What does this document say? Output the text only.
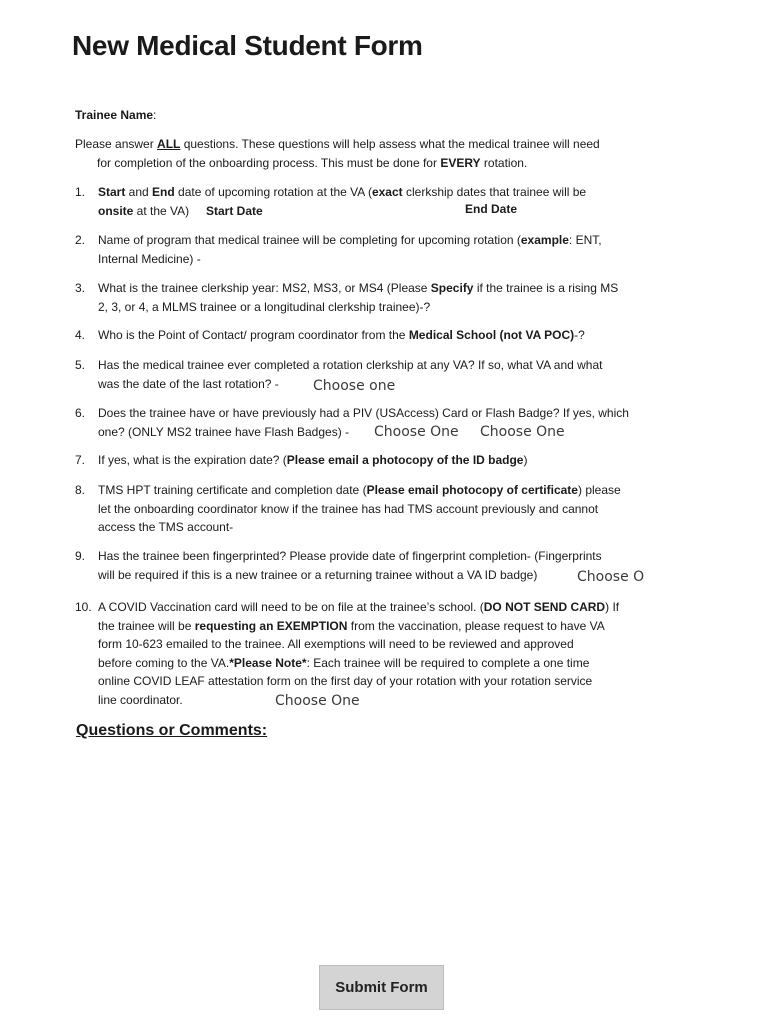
New Medical Student Form
Trainee Name:
Please answer ALL questions. These questions will help assess what the medical trainee will need
for completion of the onboarding process. This must be done for EVERY rotation.
1.	Start and End date of upcoming rotation at the VA (exact clerkship dates that trainee will be
onsite at the VA)	Start Date	End Date
2.	Name of program that medical trainee will be completing for upcoming rotation (example: ENT,
Internal Medicine) -
3.	What is the trainee clerkship year: MS2, MS3, or MS4 (Please Specify if the trainee is a rising MS
2, 3, or 4, a MLMS trainee or a longitudinal clerkship trainee)-?
4.	Who is the Point of Contact/ program coordinator from the Medical School (not VA POC)-?
5.	Has the medical trainee ever completed a rotation clerkship at any VA? If so, what VA and what
was the date of the last rotation? -	Choose one
6.	Does the trainee have or have previously had a PIV (USAccess) Card or Flash Badge? If yes, which
one? (ONLY MS2 trainee have Flash Badges) -	Choose One Choose One
7.	If yes, what is the expiration date? (Please email a photocopy of the ID badge)
8.	TMS HPT training certificate and completion date (Please email photocopy of certificate) please
let the onboarding coordinator know if the trainee has had TMS account previously and cannot
access the TMS account-
9.	Has the trainee been fingerprinted? Please provide date of fingerprint completion- (Fingerprints
will be required if this is a new trainee or a returning trainee without a VA ID badge)	Choose O
10. A COVID Vaccination card will need to be on file at the trainee’s school. (DO NOT SEND CARD) If
the trainee will be requesting an EXEMPTION from the vaccination, please request to have VA
form 10-623 emailed to the trainee. All exemptions will need to be reviewed and approved
before coming to the VA.*Please Note*: Each trainee will be required to complete a one time
online COVID LEAF attestation form on the first day of your rotation with your rotation service
line coordinator.	Choose One
Questions or Comments:
Submit Form
